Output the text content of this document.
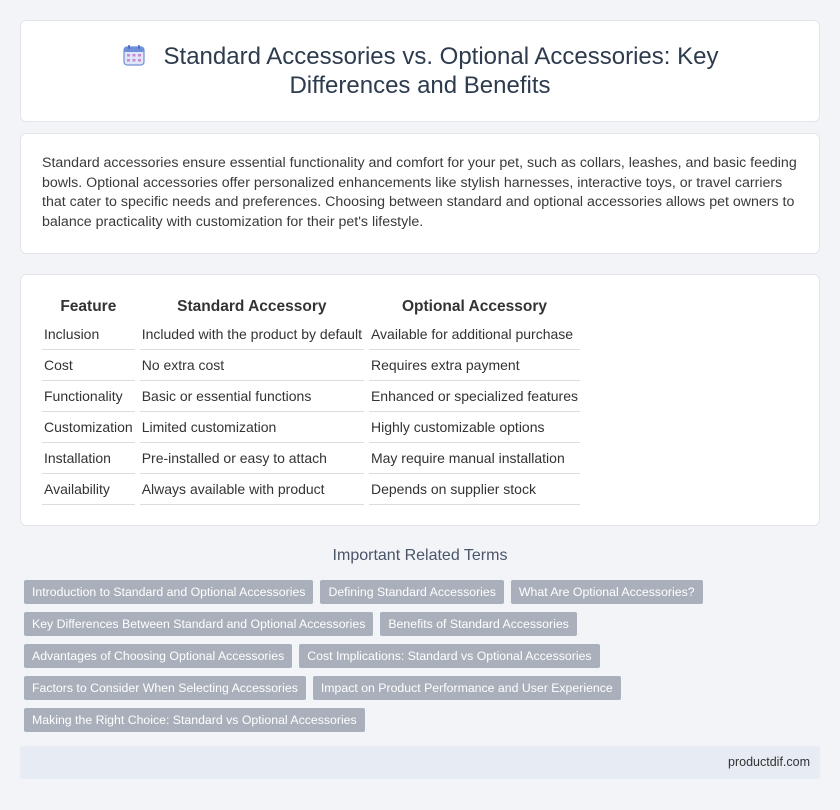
Standard Accessories vs. Optional Accessories: Key Differences and Benefits

Standard accessories ensure essential functionality and comfort for your pet, such as collars, leashes, and basic feeding bowls. Optional accessories offer personalized enhancements like stylish harnesses, interactive toys, or travel carriers that cater to specific needs and preferences. Choosing between standard and optional accessories allows pet owners to balance practicality with customization for their pet's lifestyle.

Feature	Standard Accessory	Optional Accessory
Inclusion	Included with the product by default	Available for additional purchase
Cost	No extra cost	Requires extra payment
Functionality	Basic or essential functions	Enhanced or specialized features
Customization	Limited customization	Highly customizable options
Installation	Pre-installed or easy to attach	May require manual installation
Availability	Always available with product	Depends on supplier stock
Important Related Terms
Introduction to Standard and Optional Accessories	Defining Standard Accessories	What Are Optional Accessories?
Key Differences Between Standard and Optional Accessories	Benefits of Standard Accessories
Advantages of Choosing Optional Accessories	Cost Implications: Standard vs Optional Accessories
Factors to Consider When Selecting Accessories	Impact on Product Performance and User Experience
Making the Right Choice: Standard vs Optional Accessories
productdif.com
